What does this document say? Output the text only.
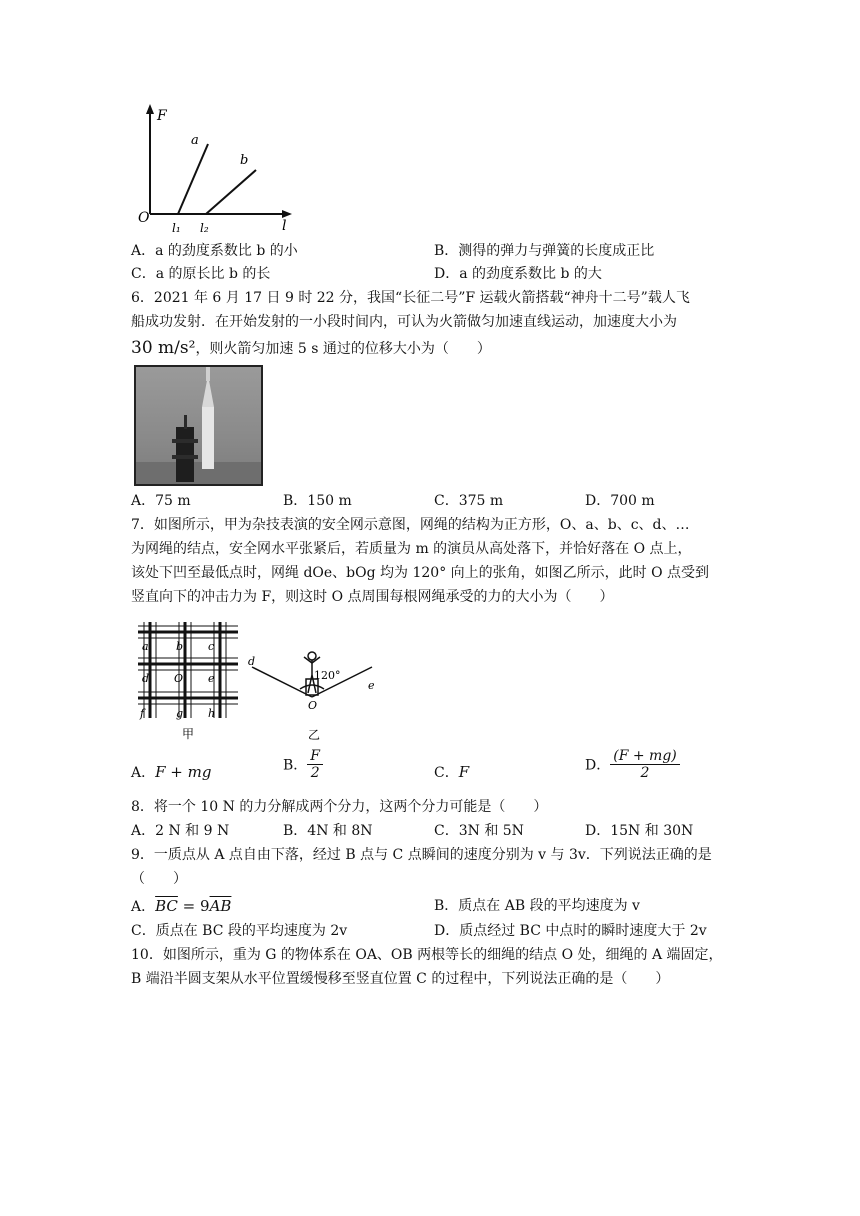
F
l
O
a
b
l₁ l₂
A．a 的劲度系数比 b 的小	B．测得的弹力与弹簧的长度成正比
C．a 的原长比 b 的长	D．a 的劲度系数比 b 的大
6．2021 年 6 月 17 日 9 时 22 分，我国“长征二号”F 运载火箭搭载“神舟十二号”载人飞
船成功发射．在开始发射的一小段时间内，可认为火箭做匀加速直线运动，加速度大小为
30 m/s²，则火箭匀加速 5 s 通过的位移大小为（　　）
A．75 m	B．150 m	C．375 m	D．700 m
7．如图所示，甲为杂技表演的安全网示意图，网绳的结构为正方形，O、a、b、c、d、…
为网绳的结点，安全网水平张紧后，若质量为 m 的演员从高处落下，并恰好落在 O 点上，
该处下凹至最低点时，网绳 dOe、bOg 均为 120° 向上的张角，如图乙所示，此时 O 点受到
竖直向下的冲击力为 F，则这时 O 点周围每根网绳承受的力的大小为（　　）
a b c
d O e
f	g h
甲
120°
d
e
O
乙
A．F + mg	B． $\frac{F}{2}$	C．F	D． $\frac{(F + mg)}{2}$
8．将一个 10 N 的力分解成两个分力，这两个分力可能是（　　）
A．2 N 和 9 N	B．4N 和 8N	C．3N 和 5N	D．15N 和 30N
9．一质点从 A 点自由下落，经过 B 点与 C 点瞬间的速度分别为 v 与 3v．下列说法正确的是
（　　）
A．$\overline{BC} = 9\overline{AB}$	B．质点在 AB 段的平均速度为 v
C．质点在 BC 段的平均速度为 2v	D．质点经过 BC 中点时的瞬时速度大于 2v
10．如图所示，重为 G 的物体系在 OA、OB 两根等长的细绳的结点 O 处，细绳的 A 端固定，
B 端沿半圆支架从水平位置缓慢移至竖直位置 C 的过程中，下列说法正确的是（　　）
